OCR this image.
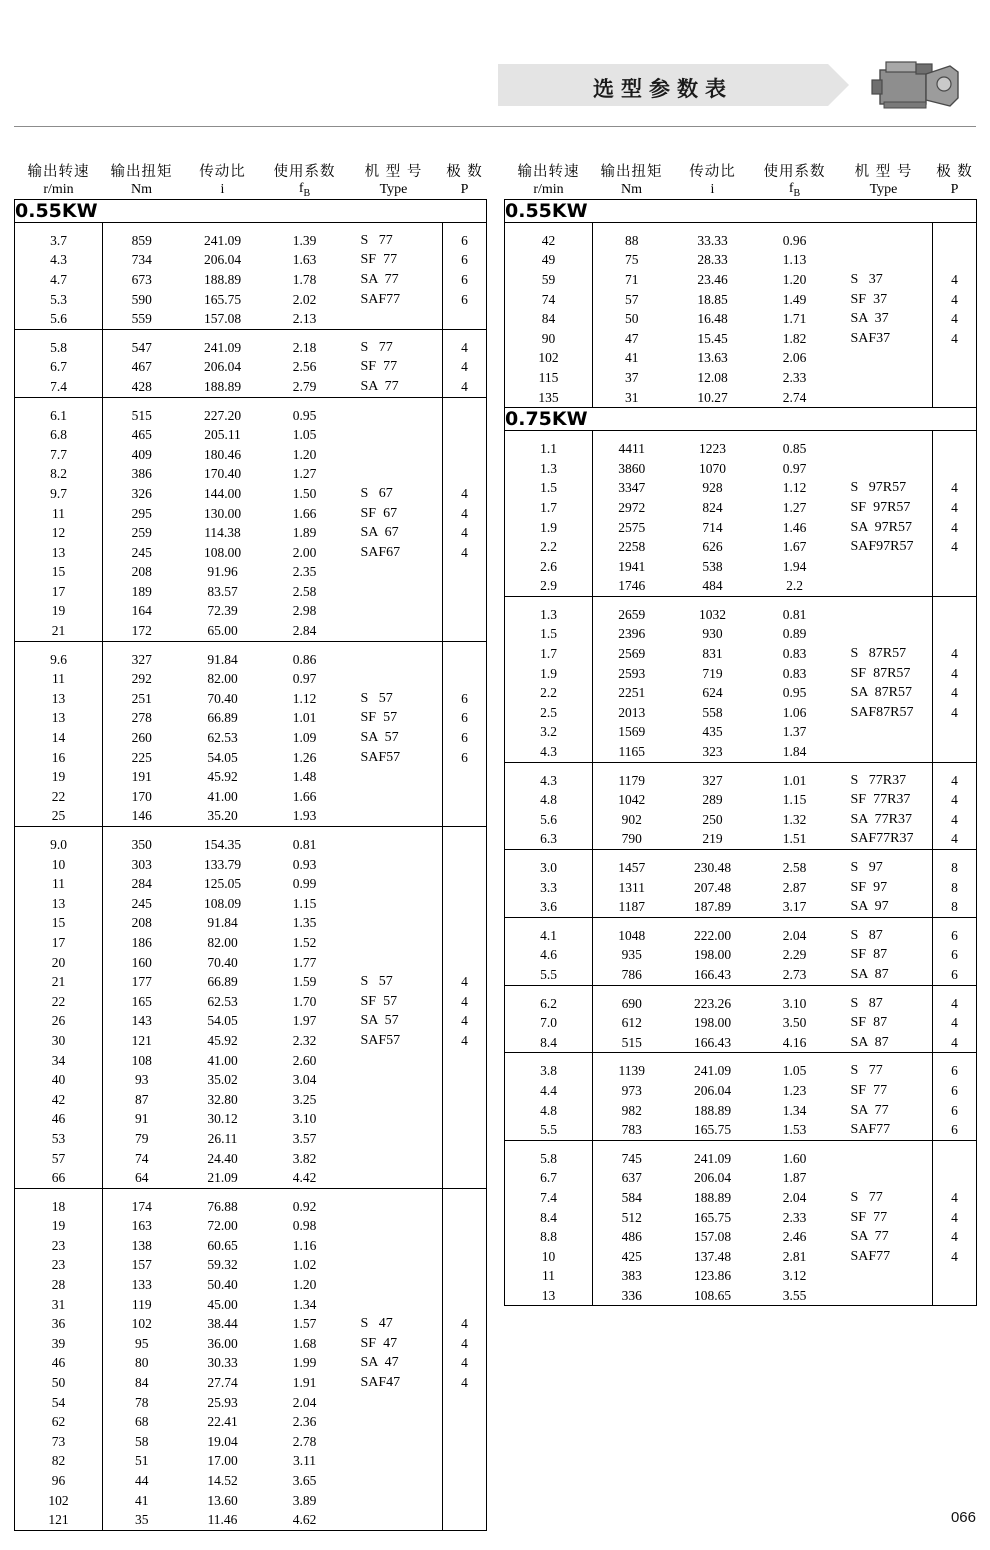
选型参数表
输出转速	输出扭矩	传动比	使用系数	机 型 号	极 数
r/min	Nm	i	$f_B$	Type	P
0.55KW					

3.7	859	241.09	1.39	S   77	6
4.3	734	206.04	1.63	SF  77	6
4.7	673	188.89	1.78	SA  77	6
5.3	590	165.75	2.02	SAF77	6
5.6	559	157.08	2.13		

5.8	547	241.09	2.18	S   77	4
6.7	467	206.04	2.56	SF  77	4
7.4	428	188.89	2.79	SA  77	4

6.1	515	227.20	0.95		
6.8	465	205.11	1.05		
7.7	409	180.46	1.20		
8.2	386	170.40	1.27		
9.7	326	144.00	1.50	S   67	4
11	295	130.00	1.66	SF  67	4
12	259	114.38	1.89	SA  67	4
13	245	108.00	2.00	SAF67	4
15	208	91.96	2.35		
17	189	83.57	2.58		
19	164	72.39	2.98		
21	172	65.00	2.84		

9.6	327	91.84	0.86		
11	292	82.00	0.97		
13	251	70.40	1.12	S   57	6
13	278	66.89	1.01	SF  57	6
14	260	62.53	1.09	SA  57	6
16	225	54.05	1.26	SAF57	6
19	191	45.92	1.48		
22	170	41.00	1.66		
25	146	35.20	1.93		

9.0	350	154.35	0.81		
10	303	133.79	0.93		
11	284	125.05	0.99		
13	245	108.09	1.15		
15	208	91.84	1.35		
17	186	82.00	1.52		
20	160	70.40	1.77		
21	177	66.89	1.59	S   57	4
22	165	62.53	1.70	SF  57	4
26	143	54.05	1.97	SA  57	4
30	121	45.92	2.32	SAF57	4
34	108	41.00	2.60		
40	93	35.02	3.04		
42	87	32.80	3.25		
46	91	30.12	3.10		
53	79	26.11	3.57		
57	74	24.40	3.82		
66	64	21.09	4.42		

18	174	76.88	0.92		
19	163	72.00	0.98		
23	138	60.65	1.16		
23	157	59.32	1.02		
28	133	50.40	1.20		
31	119	45.00	1.34		
36	102	38.44	1.57	S   47	4
39	95	36.00	1.68	SF  47	4
46	80	30.33	1.99	SA  47	4
50	84	27.74	1.91	SAF47	4
54	78	25.93	2.04		
62	68	22.41	2.36		
73	58	19.04	2.78		
82	51	17.00	3.11		
96	44	14.52	3.65		
102	41	13.60	3.89		
121	35	11.46	4.62		
输出转速	输出扭矩	传动比	使用系数	机 型 号	极 数
r/min	Nm	i	$f_B$	Type	P
0.55KW					

42	88	33.33	0.96		
49	75	28.33	1.13		
59	71	23.46	1.20	S   37	4
74	57	18.85	1.49	SF  37	4
84	50	16.48	1.71	SA  37	4
90	47	15.45	1.82	SAF37	4
102	41	13.63	2.06		
115	37	12.08	2.33		
135	31	10.27	2.74		
0.75KW					

1.1	4411	1223	0.85		
1.3	3860	1070	0.97		
1.5	3347	928	1.12	S   97R57	4
1.7	2972	824	1.27	SF  97R57	4
1.9	2575	714	1.46	SA  97R57	4
2.2	2258	626	1.67	SAF97R57	4
2.6	1941	538	1.94		
2.9	1746	484	2.2		

1.3	2659	1032	0.81		
1.5	2396	930	0.89		
1.7	2569	831	0.83	S   87R57	4
1.9	2593	719	0.83	SF  87R57	4
2.2	2251	624	0.95	SA  87R57	4
2.5	2013	558	1.06	SAF87R57	4
3.2	1569	435	1.37		
4.3	1165	323	1.84		

4.3	1179	327	1.01	S   77R37	4
4.8	1042	289	1.15	SF  77R37	4
5.6	902	250	1.32	SA  77R37	4
6.3	790	219	1.51	SAF77R37	4

3.0	1457	230.48	2.58	S   97	8
3.3	1311	207.48	2.87	SF  97	8
3.6	1187	187.89	3.17	SA  97	8

4.1	1048	222.00	2.04	S   87	6
4.6	935	198.00	2.29	SF  87	6
5.5	786	166.43	2.73	SA  87	6

6.2	690	223.26	3.10	S   87	4
7.0	612	198.00	3.50	SF  87	4
8.4	515	166.43	4.16	SA  87	4

3.8	1139	241.09	1.05	S   77	6
4.4	973	206.04	1.23	SF  77	6
4.8	982	188.89	1.34	SA  77	6
5.5	783	165.75	1.53	SAF77	6

5.8	745	241.09	1.60		
6.7	637	206.04	1.87		
7.4	584	188.89	2.04	S   77	4
8.4	512	165.75	2.33	SF  77	4
8.8	486	157.08	2.46	SA  77	4
10	425	137.48	2.81	SAF77	4
11	383	123.86	3.12		
13	336	108.65	3.55		
066
